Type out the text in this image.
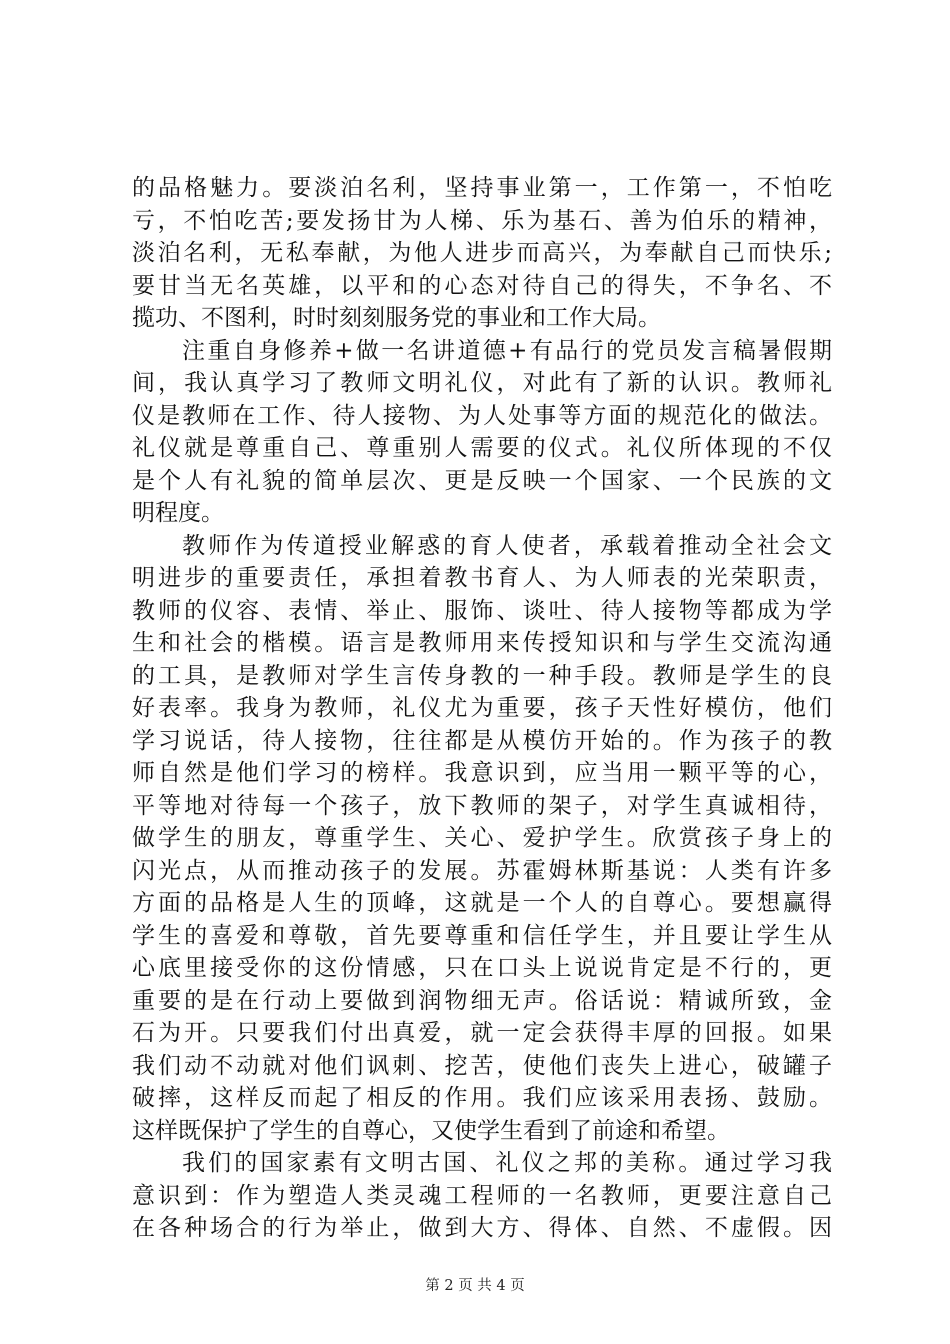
的品格魅力。要淡泊名利，坚持事业第一，工作第一，不怕吃
亏，不怕吃苦;要发扬甘为人梯、乐为基石、善为伯乐的精神，
淡泊名利，无私奉献，为他人进步而高兴，为奉献自己而快乐;
要甘当无名英雄，以平和的心态对待自己的得失，不争名、不
揽功、不图利，时时刻刻服务党的事业和工作大局。
注重自身修养+做一名讲道德+有品行的党员发言稿暑假期
间，我认真学习了教师文明礼仪，对此有了新的认识。教师礼
仪是教师在工作、待人接物、为人处事等方面的规范化的做法。
礼仪就是尊重自己、尊重别人需要的仪式。礼仪所体现的不仅
是个人有礼貌的简单层次、更是反映一个国家、一个民族的文
明程度。
教师作为传道授业解惑的育人使者，承载着推动全社会文
明进步的重要责任，承担着教书育人、为人师表的光荣职责，
教师的仪容、表情、举止、服饰、谈吐、待人接物等都成为学
生和社会的楷模。语言是教师用来传授知识和与学生交流沟通
的工具，是教师对学生言传身教的一种手段。教师是学生的良
好表率。我身为教师，礼仪尤为重要，孩子天性好模仿，他们
学习说话，待人接物，往往都是从模仿开始的。作为孩子的教
师自然是他们学习的榜样。我意识到，应当用一颗平等的心，
平等地对待每一个孩子，放下教师的架子，对学生真诚相待，
做学生的朋友，尊重学生、关心、爱护学生。欣赏孩子身上的
闪光点，从而推动孩子的发展。苏霍姆林斯基说：人类有许多
方面的品格是人生的顶峰，这就是一个人的自尊心。要想赢得
学生的喜爱和尊敬，首先要尊重和信任学生，并且要让学生从
心底里接受你的这份情感，只在口头上说说肯定是不行的，更
重要的是在行动上要做到润物细无声。俗话说：精诚所致，金
石为开。只要我们付出真爱，就一定会获得丰厚的回报。如果
我们动不动就对他们讽刺、挖苦，使他们丧失上进心，破罐子
破摔，这样反而起了相反的作用。我们应该采用表扬、鼓励。
这样既保护了学生的自尊心，又使学生看到了前途和希望。
我们的国家素有文明古国、礼仪之邦的美称。通过学习我
意识到：作为塑造人类灵魂工程师的一名教师，更要注意自己
在各种场合的行为举止，做到大方、得体、自然、不虚假。因
第 2 页 共 4 页
